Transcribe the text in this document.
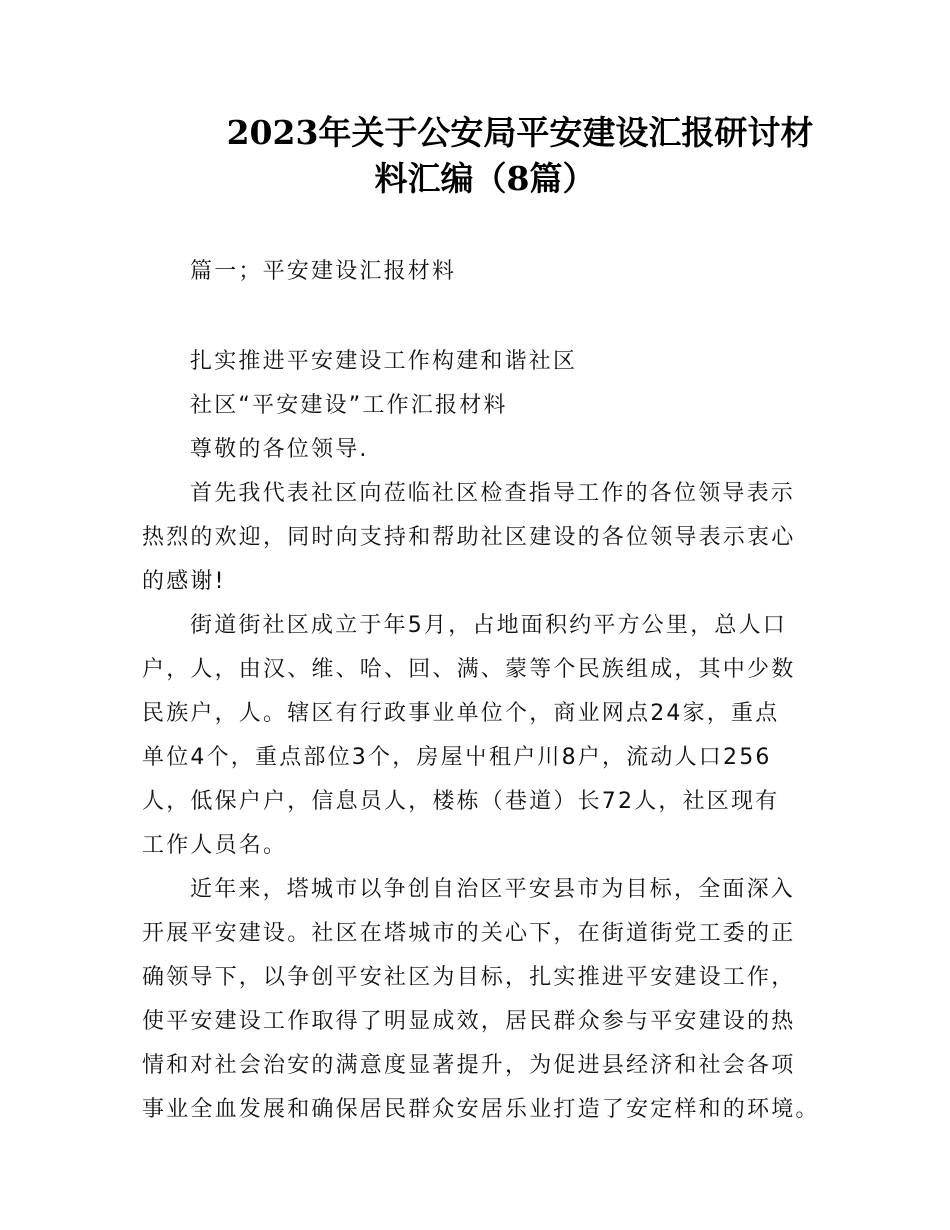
2023年关于公安局平安建设汇报研讨材
料汇编（8篇）
篇一；平安建设汇报材料
扎实推进平安建设工作构建和谐社区
社区“平安建设”工作汇报材料
尊敬的各位领导.
首先我代表社区向莅临社区检查指导工作的各位领导表示
热烈的欢迎，同时向支持和帮助社区建设的各位领导表示衷心
的感谢!
街道街社区成立于年5月，占地面积约平方公里，总人口
户，人，由汉、维、哈、回、满、蒙等个民族组成，其中少数
民族户，人。辖区有行政事业单位个，商业网点24家，重点
单位4个，重点部位3个，房屋屮租户川8户，流动人口256
人，低保户户，信息员人，楼栋（巷道）长72人，社区现有
工作人员名。
近年来，塔城市以争创自治区平安县市为目标，全面深入
开展平安建设。社区在塔城市的关心下，在街道街党工委的正
确领导下，以争创平安社区为目标，扎实推进平安建设工作，
使平安建设工作取得了明显成效，居民群众参与平安建设的热
情和对社会治安的满意度显著提升，为促进县经济和社会各项
事业全血发展和确保居民群众安居乐业打造了安定样和的环境。
